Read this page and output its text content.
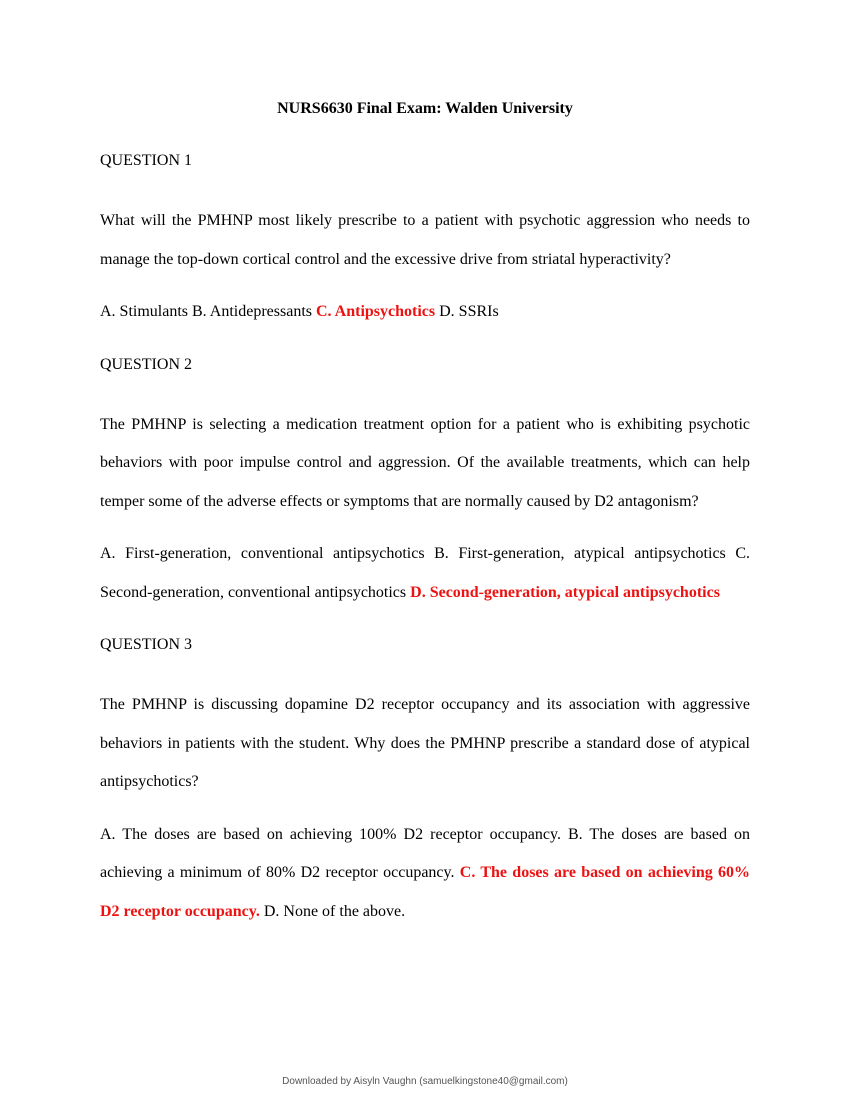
NURS6630 Final Exam: Walden University
QUESTION 1
What will the PMHNP most likely prescribe to a patient with psychotic aggression who needs to manage the top-down cortical control and the excessive drive from striatal hyperactivity?
A. Stimulants B. Antidepressants C. Antipsychotics D. SSRIs
QUESTION 2
The PMHNP is selecting a medication treatment option for a patient who is exhibiting psychotic behaviors with poor impulse control and aggression. Of the available treatments, which can help temper some of the adverse effects or symptoms that are normally caused by D2 antagonism?
A. First-generation, conventional antipsychotics B. First-generation, atypical antipsychotics C. Second-generation, conventional antipsychotics D. Second-generation, atypical antipsychotics
QUESTION 3
The PMHNP is discussing dopamine D2 receptor occupancy and its association with aggressive behaviors in patients with the student. Why does the PMHNP prescribe a standard dose of atypical antipsychotics?
A. The doses are based on achieving 100% D2 receptor occupancy. B. The doses are based on achieving a minimum of 80% D2 receptor occupancy. C. The doses are based on achieving 60% D2 receptor occupancy. D. None of the above.
Downloaded by Aisyln Vaughn (samuelkingstone40@gmail.com)
